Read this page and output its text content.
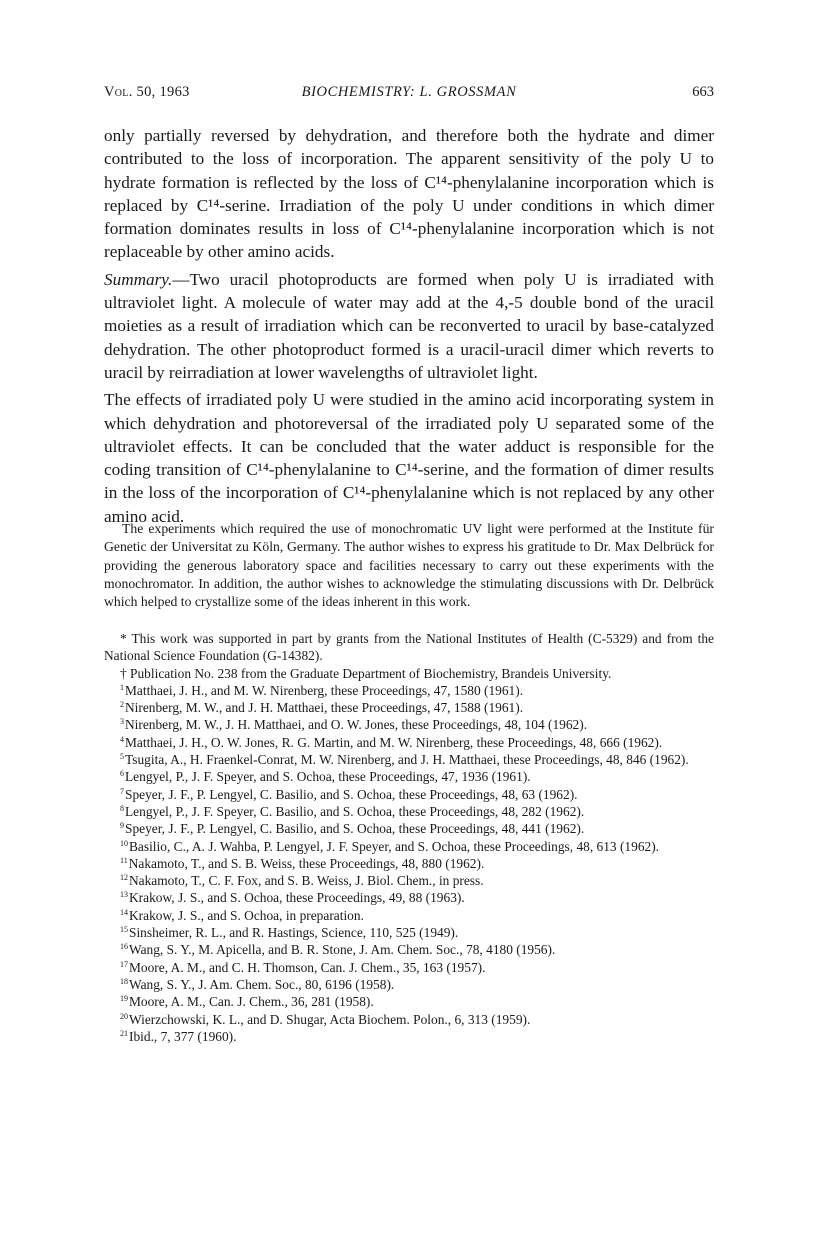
Vol. 50, 1963	BIOCHEMISTRY: L. GROSSMAN	663

only partially reversed by dehydration, and therefore both the hydrate and dimer contributed to the loss of incorporation. The apparent sensitivity of the poly U to hydrate formation is reflected by the loss of C¹⁴-phenylalanine incorporation which is replaced by C¹⁴-serine. Irradiation of the poly U under conditions in which dimer formation dominates results in loss of C¹⁴-phenylalanine incorporation which is not replaceable by other amino acids.

Summary.—Two uracil photoproducts are formed when poly U is irradiated with ultraviolet light. A molecule of water may add at the 4,-5 double bond of the uracil moieties as a result of irradiation which can be reconverted to uracil by base-catalyzed dehydration. The other photoproduct formed is a uracil-uracil dimer which reverts to uracil by reirradiation at lower wavelengths of ultraviolet light.

The effects of irradiated poly U were studied in the amino acid incorporating system in which dehydration and photoreversal of the irradiated poly U separated some of the ultraviolet effects. It can be concluded that the water adduct is responsible for the coding transition of C¹⁴-phenylalanine to C¹⁴-serine, and the formation of dimer results in the loss of the incorporation of C¹⁴-phenylalanine which is not replaced by any other amino acid.

The experiments which required the use of monochromatic UV light were performed at the Institute für Genetic der Universitat zu Köln, Germany. The author wishes to express his gratitude to Dr. Max Delbrück for providing the generous laboratory space and facilities necessary to carry out these experiments with the monochromator. In addition, the author wishes to acknowledge the stimulating discussions with Dr. Delbrück which helped to crystallize some of the ideas inherent in this work.

* This work was supported in part by grants from the National Institutes of Health (C-5329) and from the National Science Foundation (G-14382).

† Publication No. 238 from the Graduate Department of Biochemistry, Brandeis University.

$^1$Matthaei, J. H., and M. W. Nirenberg, these Proceedings, 47, 1580 (1961).

$^2$Nirenberg, M. W., and J. H. Matthaei, these Proceedings, 47, 1588 (1961).

$^3$Nirenberg, M. W., J. H. Matthaei, and O. W. Jones, these Proceedings, 48, 104 (1962).

$^4$Matthaei, J. H., O. W. Jones, R. G. Martin, and M. W. Nirenberg, these Proceedings, 48, 666 (1962).

$^5$Tsugita, A., H. Fraenkel-Conrat, M. W. Nirenberg, and J. H. Matthaei, these Proceedings, 48, 846 (1962).

$^6$Lengyel, P., J. F. Speyer, and S. Ochoa, these Proceedings, 47, 1936 (1961).

$^7$Speyer, J. F., P. Lengyel, C. Basilio, and S. Ochoa, these Proceedings, 48, 63 (1962).

$^8$Lengyel, P., J. F. Speyer, C. Basilio, and S. Ochoa, these Proceedings, 48, 282 (1962).

$^9$Speyer, J. F., P. Lengyel, C. Basilio, and S. Ochoa, these Proceedings, 48, 441 (1962).

$^{10}$Basilio, C., A. J. Wahba, P. Lengyel, J. F. Speyer, and S. Ochoa, these Proceedings, 48, 613 (1962).

$^{11}$Nakamoto, T., and S. B. Weiss, these Proceedings, 48, 880 (1962).

$^{12}$Nakamoto, T., C. F. Fox, and S. B. Weiss, J. Biol. Chem., in press.

$^{13}$Krakow, J. S., and S. Ochoa, these Proceedings, 49, 88 (1963).

$^{14}$Krakow, J. S., and S. Ochoa, in preparation.

$^{15}$Sinsheimer, R. L., and R. Hastings, Science, 110, 525 (1949).

$^{16}$Wang, S. Y., M. Apicella, and B. R. Stone, J. Am. Chem. Soc., 78, 4180 (1956).

$^{17}$Moore, A. M., and C. H. Thomson, Can. J. Chem., 35, 163 (1957).

$^{18}$Wang, S. Y., J. Am. Chem. Soc., 80, 6196 (1958).

$^{19}$Moore, A. M., Can. J. Chem., 36, 281 (1958).

$^{20}$Wierzchowski, K. L., and D. Shugar, Acta Biochem. Polon., 6, 313 (1959).

$^{21}$Ibid., 7, 377 (1960).
